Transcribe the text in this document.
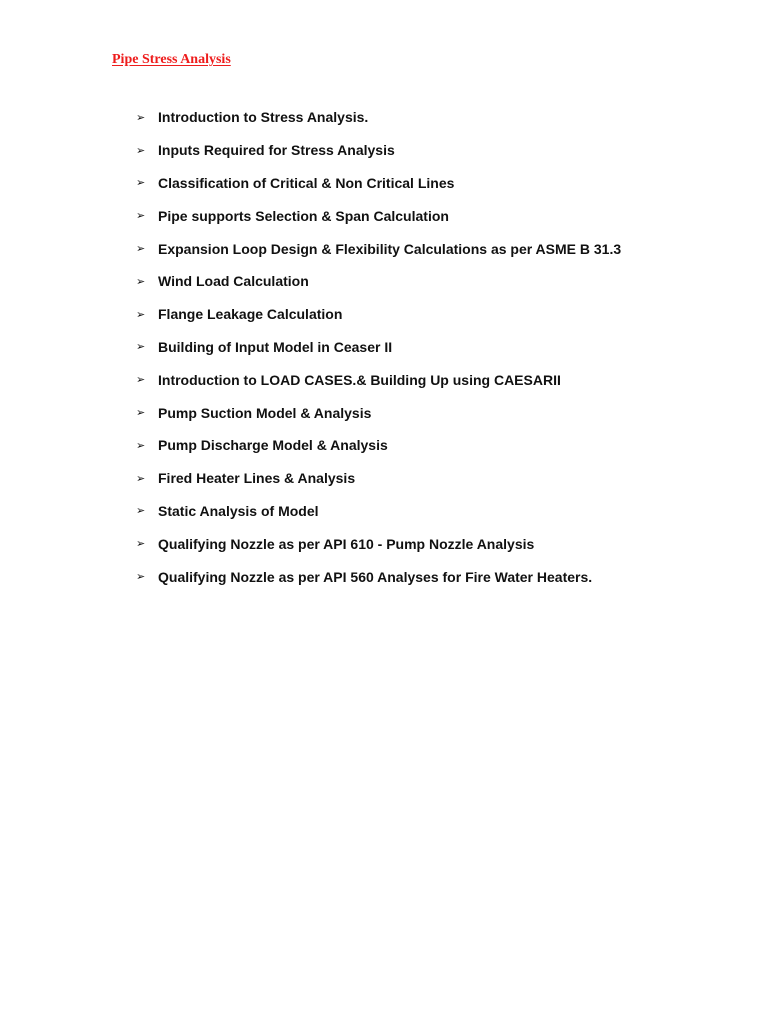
Pipe Stress Analysis
➢ Introduction to Stress Analysis.
➢ Inputs Required for Stress Analysis
➢ Classification of Critical & Non Critical Lines
➢ Pipe supports Selection & Span Calculation
➢ Expansion Loop Design & Flexibility Calculations as per ASME B 31.3
➢ Wind Load Calculation
➢ Flange Leakage Calculation
➢ Building of Input Model in Ceaser II
➢ Introduction to LOAD CASES.& Building Up using CAESARII
➢ Pump Suction Model & Analysis
➢ Pump Discharge Model & Analysis
➢ Fired Heater Lines & Analysis
➢ Static Analysis of Model
➢ Qualifying Nozzle as per API 610 - Pump Nozzle Analysis
➢ Qualifying Nozzle as per API 560 Analyses for Fire Water Heaters.
